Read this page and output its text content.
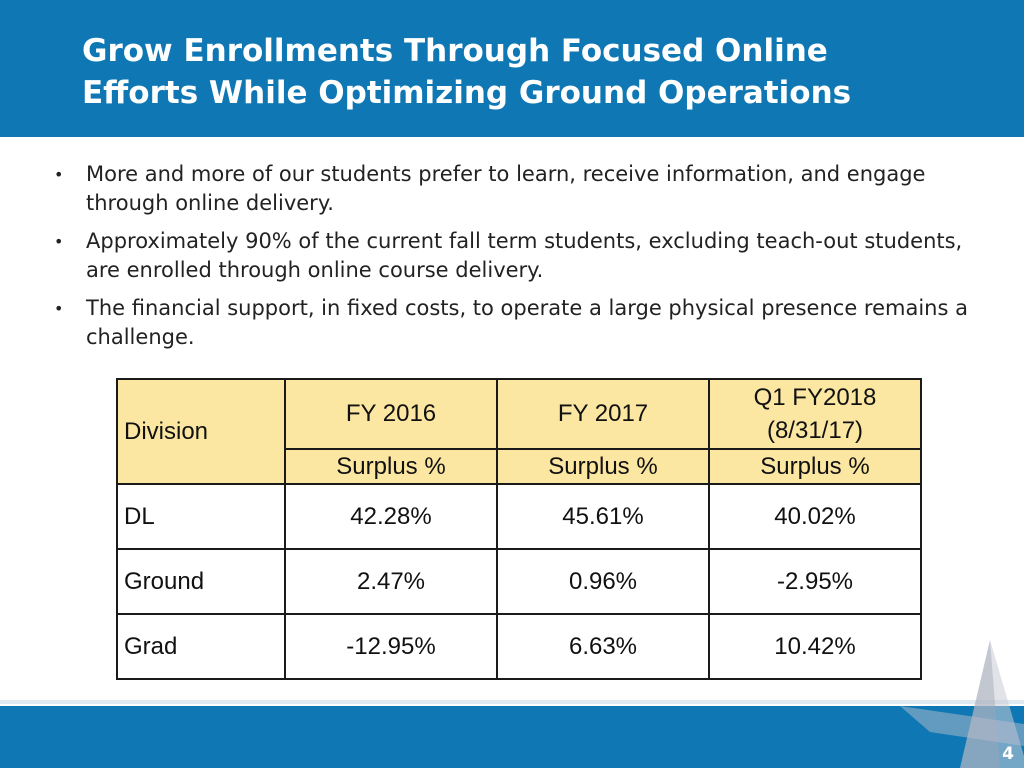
Grow Enrollments Through Focused Online
Efforts While Optimizing Ground Operations
• More and more of our students prefer to learn, receive information, and engage through online delivery.
• Approximately 90% of the current fall term students, excluding teach-out students, are enrolled through online course delivery.
• The financial support, in fixed costs, to operate a large physical presence remains a challenge.
Division	FY 2016	FY 2017	Q1 FY2018
(8/31/17)
	Surplus %	Surplus %	Surplus %
DL	42.28%	45.61%	40.02%
Ground	2.47%	0.96%	-2.95%
Grad	-12.95%	6.63%	10.42%
4
